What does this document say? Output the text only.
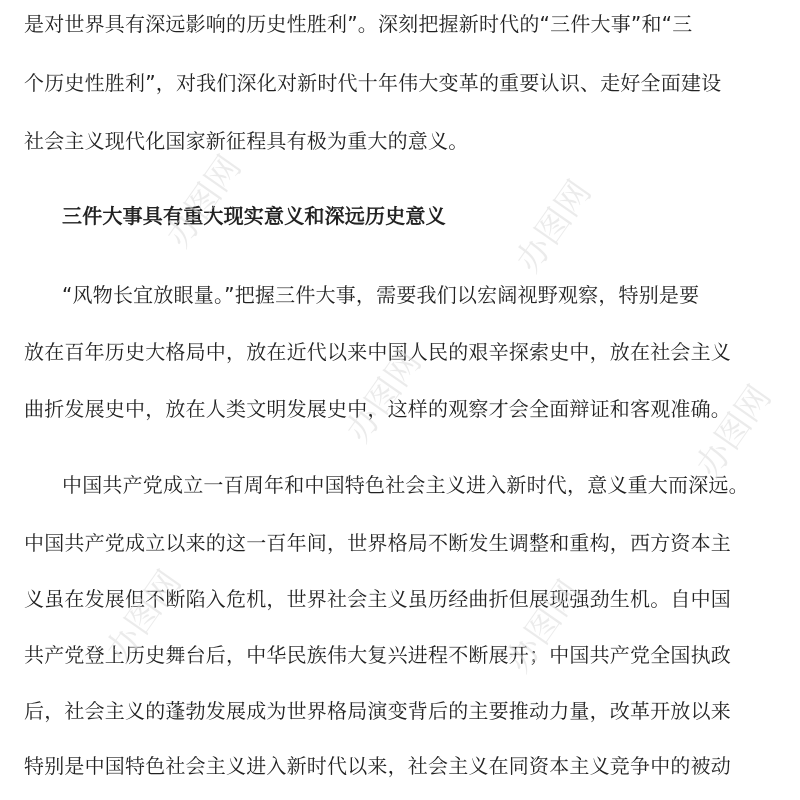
是对世界具有深远影响的历史性胜利”。深刻把握新时代的“三件大事”和“三
个历史性胜利”，对我们深化对新时代十年伟大变革的重要认识、走好全面建设
社会主义现代化国家新征程具有极为重大的意义。
三件大事具有重大现实意义和深远历史意义
“风物长宜放眼量。”把握三件大事，需要我们以宏阔视野观察，特别是要
放在百年历史大格局中，放在近代以来中国人民的艰辛探索史中，放在社会主义
曲折发展史中，放在人类文明发展史中，这样的观察才会全面辩证和客观准确。
中国共产党成立一百周年和中国特色社会主义进入新时代，意义重大而深远。
中国共产党成立以来的这一百年间，世界格局不断发生调整和重构，西方资本主
义虽在发展但不断陷入危机，世界社会主义虽历经曲折但展现强劲生机。自中国
共产党登上历史舞台后，中华民族伟大复兴进程不断展开；中国共产党全国执政
后，社会主义的蓬勃发展成为世界格局演变背后的主要推动力量，改革开放以来
特别是中国特色社会主义进入新时代以来，社会主义在同资本主义竞争中的被动
办图网	办图网
办图网	办图网
办图网	办图网
